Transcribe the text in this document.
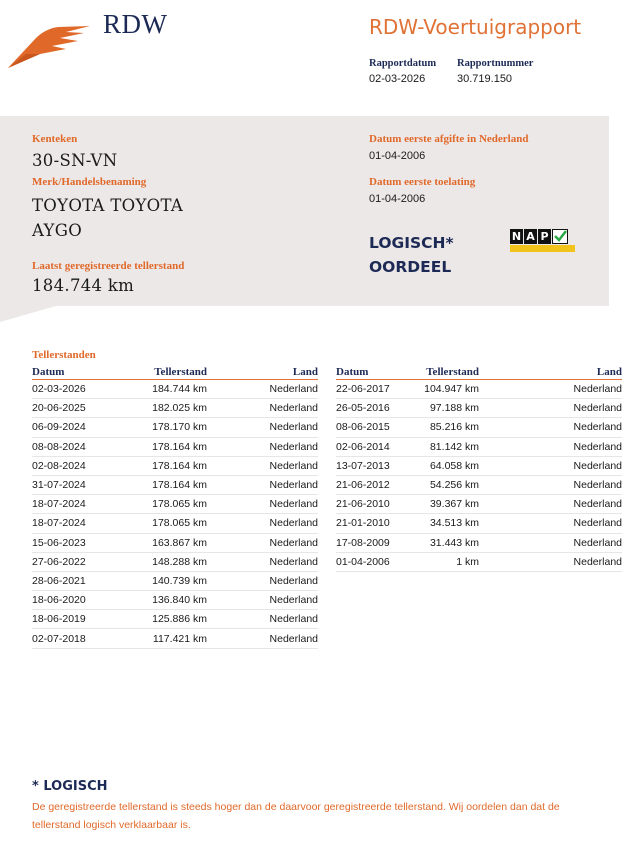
RDW	RDW-Voertuigrapport
Rapportdatum
02-03-2026
Rapportnummer
30.719.150
Kenteken
30-SN-VN
Merk/Handelsbenaming
TOYOTA TOYOTA
AYGO
Laatst geregistreerde tellerstand
184.744 km
Datum eerste afgifte in Nederland
01-04-2006
Datum eerste toelating
01-04-2006
LOGISCH*
OORDEEL
N A P
Tellerstanden
Datum	Tellerstand	Land
02-03-2026	184.744 km	Nederland
20-06-2025	182.025 km	Nederland
06-09-2024	178.170 km	Nederland
08-08-2024	178.164 km	Nederland
02-08-2024	178.164 km	Nederland
31-07-2024	178.164 km	Nederland
18-07-2024	178.065 km	Nederland
18-07-2024	178.065 km	Nederland
15-06-2023	163.867 km	Nederland
27-06-2022	148.288 km	Nederland
28-06-2021	140.739 km	Nederland
18-06-2020	136.840 km	Nederland
18-06-2019	125.886 km	Nederland
02-07-2018	117.421 km	Nederland
Datum	Tellerstand	Land
22-06-2017	104.947 km	Nederland
26-05-2016	97.188 km	Nederland
08-06-2015	85.216 km	Nederland
02-06-2014	81.142 km	Nederland
13-07-2013	64.058 km	Nederland
21-06-2012	54.256 km	Nederland
21-06-2010	39.367 km	Nederland
21-01-2010	34.513 km	Nederland
17-08-2009	31.443 km	Nederland
01-04-2006	1 km	Nederland
* LOGISCH
De geregistreerde tellerstand is steeds hoger dan de daarvoor geregistreerde tellerstand. Wij oordelen dan dat de tellerstand logisch verklaarbaar is.
